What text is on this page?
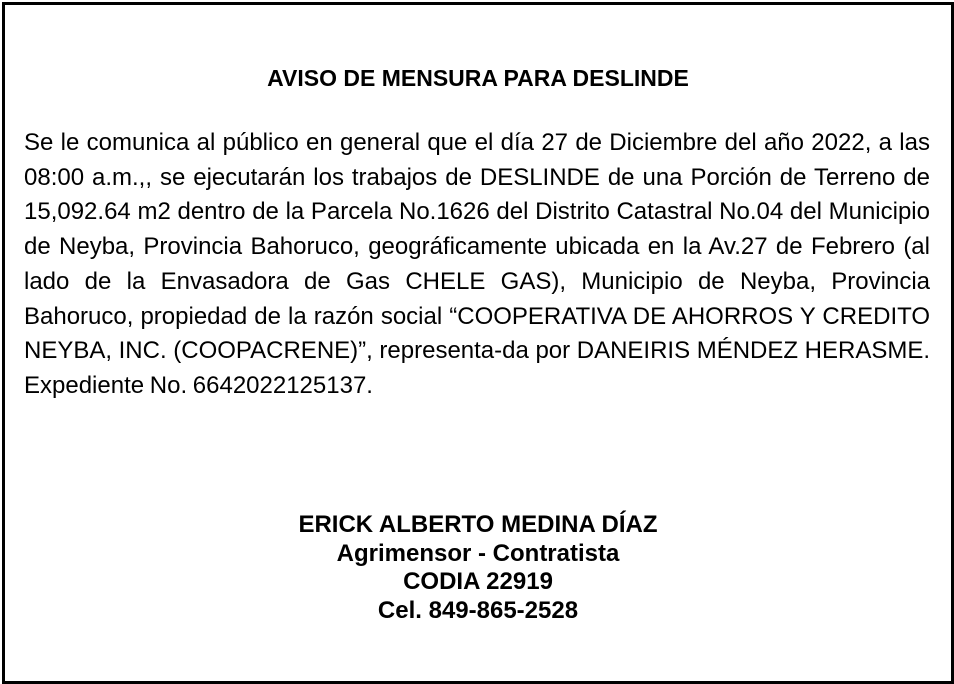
AVISO DE MENSURA PARA DESLINDE

Se le comunica al público en general que el día 27 de Diciembre del año 2022, a las 08:00 a.m.,, se ejecutarán los trabajos de DESLINDE de una Porción de Terreno de 15,092.64 m2 dentro de la Parcela No.1626 del Distrito Catastral No.04 del Municipio de Neyba, Provincia Bahoruco, geográficamente ubicada en la Av.27 de Febrero (al lado de la Envasadora de Gas CHELE GAS), Municipio de Neyba, Provincia Bahoruco, propiedad de la razón social “COOPERATIVA DE AHORROS Y CREDITO NEYBA, INC. (COOPACRENE)”, representa-da por DANEIRIS MÉNDEZ HERASME. Expediente No. 6642022125137.

ERICK ALBERTO MEDINA DÍAZ
Agrimensor - Contratista
CODIA 22919
Cel. 849-865-2528
